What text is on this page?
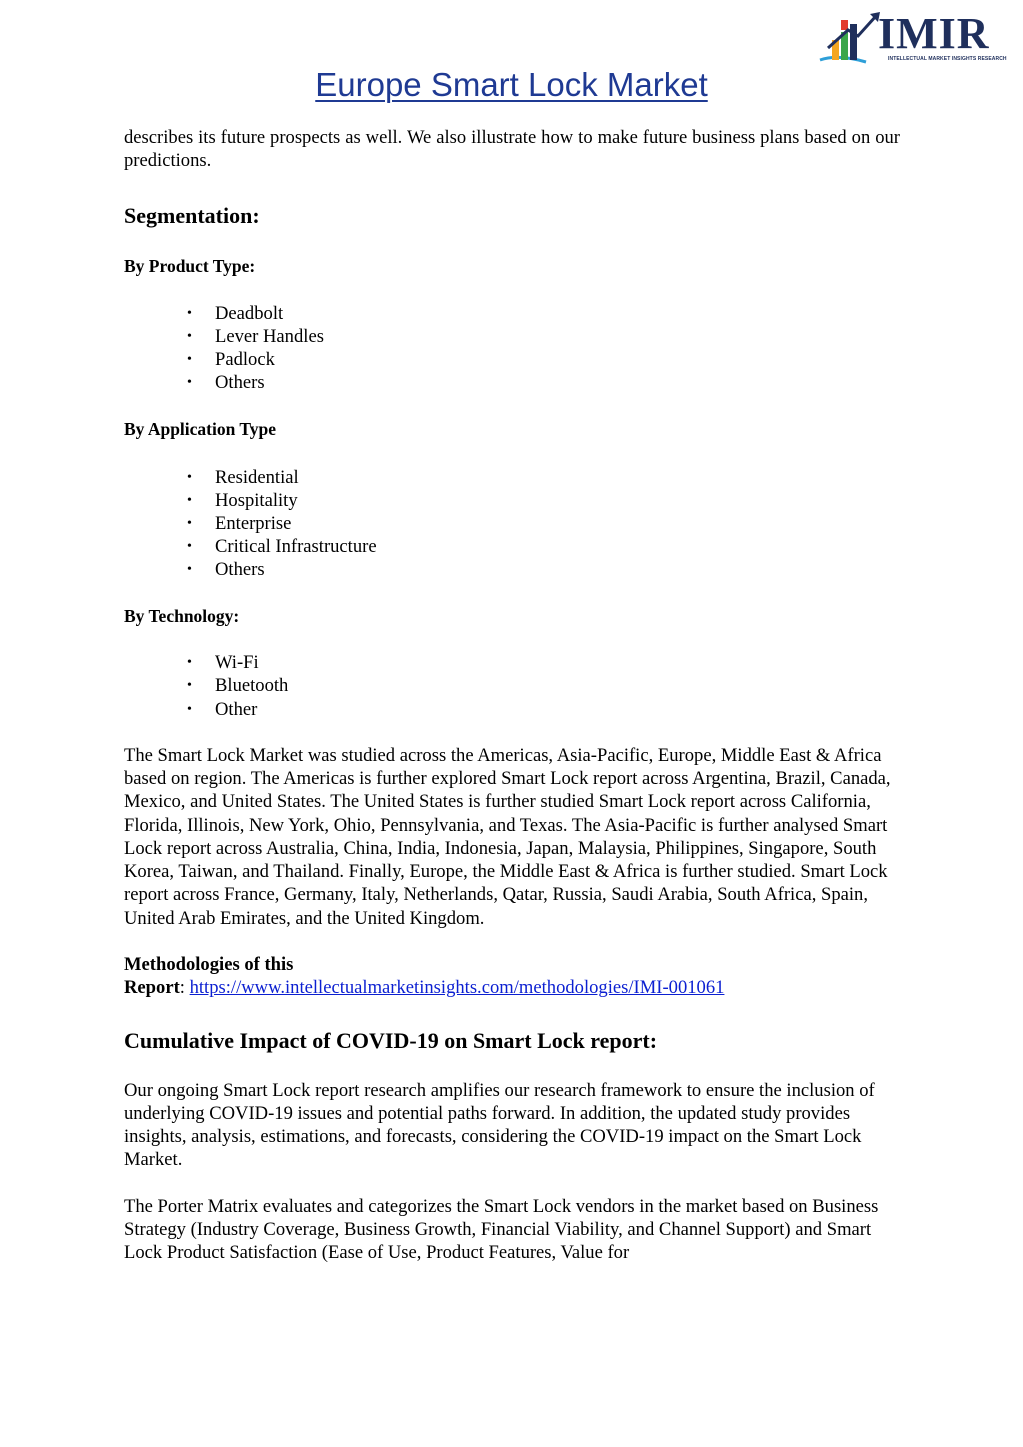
IMIR
INTELLECTUAL MARKET INSIGHTS RESEARCH
Europe Smart Lock Market

describes its future prospects as well. We also illustrate how to make future business plans based on our predictions.

Segmentation:

By Product Type:

• Deadbolt
• Lever Handles
• Padlock
• Others

By Application Type

• Residential
• Hospitality
• Enterprise
• Critical Infrastructure
• Others

By Technology:

• Wi-Fi
• Bluetooth
• Other

The Smart Lock Market was studied across the Americas, Asia-Pacific, Europe, Middle East & Africa based on region. The Americas is further explored Smart Lock report across Argentina, Brazil, Canada, Mexico, and United States. The United States is further studied Smart Lock report across California, Florida, Illinois, New York, Ohio, Pennsylvania, and Texas. The Asia-Pacific is further analysed Smart Lock report across Australia, China, India, Indonesia, Japan, Malaysia, Philippines, Singapore, South Korea, Taiwan, and Thailand. Finally, Europe, the Middle East & Africa is further studied. Smart Lock report across France, Germany, Italy, Netherlands, Qatar, Russia, Saudi Arabia, South Africa, Spain, United Arab Emirates, and the United Kingdom.

Methodologies of this
Report: https://www.intellectualmarketinsights.com/methodologies/IMI-001061

Cumulative Impact of COVID-19 on Smart Lock report:

Our ongoing Smart Lock report research amplifies our research framework to ensure the inclusion of underlying COVID-19 issues and potential paths forward. In addition, the updated study provides insights, analysis, estimations, and forecasts, considering the COVID-19 impact on the Smart Lock Market.

The Porter Matrix evaluates and categorizes the Smart Lock vendors in the market based on Business Strategy (Industry Coverage, Business Growth, Financial Viability, and Channel Support) and Smart Lock Product Satisfaction (Ease of Use, Product Features, Value for
